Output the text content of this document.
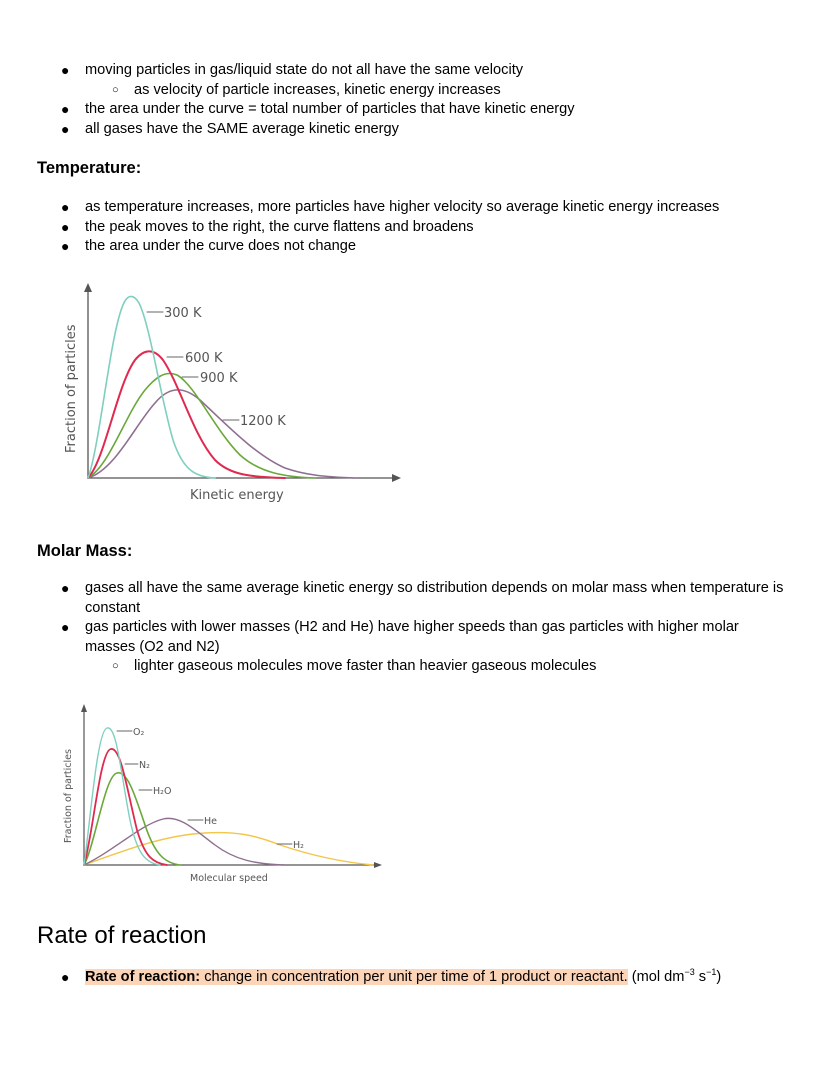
● moving particles in gas/liquid state do not all have the same velocity
○ as velocity of particle increases, kinetic energy increases
● the area under the curve = total number of particles that have kinetic energy
● all gases have the SAME average kinetic energy
Temperature:
● as temperature increases, more particles have higher velocity so average kinetic energy increases
● the peak moves to the right, the curve flattens and broadens
● the area under the curve does not change
300 K
600 K
900 K
1200 K
Kinetic energy
Fraction of particles
Molar Mass:
● gases all have the same average kinetic energy so distribution depends on molar mass when temperature is
constant
● gas particles with lower masses (H2 and He) have higher speeds than gas particles with higher molar
masses (O2 and N2)
○ lighter gaseous molecules move faster than heavier gaseous molecules
O₂
N₂
H₂O
He
H₂
Molecular speed
Fraction of particles
Rate of reaction
● Rate of reaction: change in concentration per unit per time of 1 product or reactant. (mol $dm^{-3}$ $s^{-1}$)
